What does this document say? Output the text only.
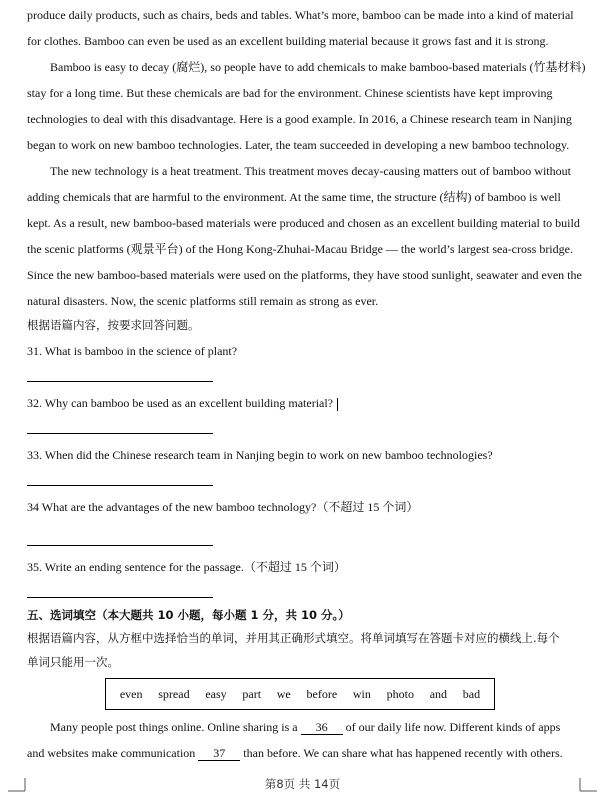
produce daily products, such as chairs, beds and tables. What’s more, bamboo can be made into a kind of material
for clothes. Bamboo can even be used as an excellent building material because it grows fast and it is strong.
Bamboo is easy to decay (腐烂), so people have to add chemicals to make bamboo-based materials (竹基材料)
stay for a long time. But these chemicals are bad for the environment. Chinese scientists have kept improving
technologies to deal with this disadvantage. Here is a good example. In 2016, a Chinese research team in Nanjing
began to work on new bamboo technologies. Later, the team succeeded in developing a new bamboo technology.
The new technology is a heat treatment. This treatment moves decay-causing matters out of bamboo without
adding chemicals that are harmful to the environment. At the same time, the structure (结构) of bamboo is well
kept. As a result, new bamboo-based materials were produced and chosen as an excellent building material to build
the scenic platforms (观景平台) of the Hong Kong-Zhuhai-Macau Bridge — the world’s largest sea-cross bridge.
Since the new bamboo-based materials were used on the platforms, they have stood sunlight, seawater and even the
natural disasters. Now, the scenic platforms still remain as strong as ever.
根据语篇内容，按要求回答问题。
31. What is bamboo in the science of plant?
32. Why can bamboo be used as an excellent building material?
33. When did the Chinese research team in Nanjing begin to work on new bamboo technologies?
34 What are the advantages of the new bamboo technology?（不超过 15 个词）
35. Write an ending sentence for the passage.（不超过 15 个词）
五、选词填空（本大题共 10 小题，每小题 1 分，共 10 分。）
根据语篇内容，从方框中选择恰当的单词，并用其正确形式填空。将单词填写在答题卡对应的横线上.每个
单词只能用一次。
even spread easy part we before win photo and bad
Many people post things online. Online sharing is a 36 of our daily life now. Different kinds of apps
and websites make communication 37 than before. We can share what has happened recently with others.
第8页 共 14页
